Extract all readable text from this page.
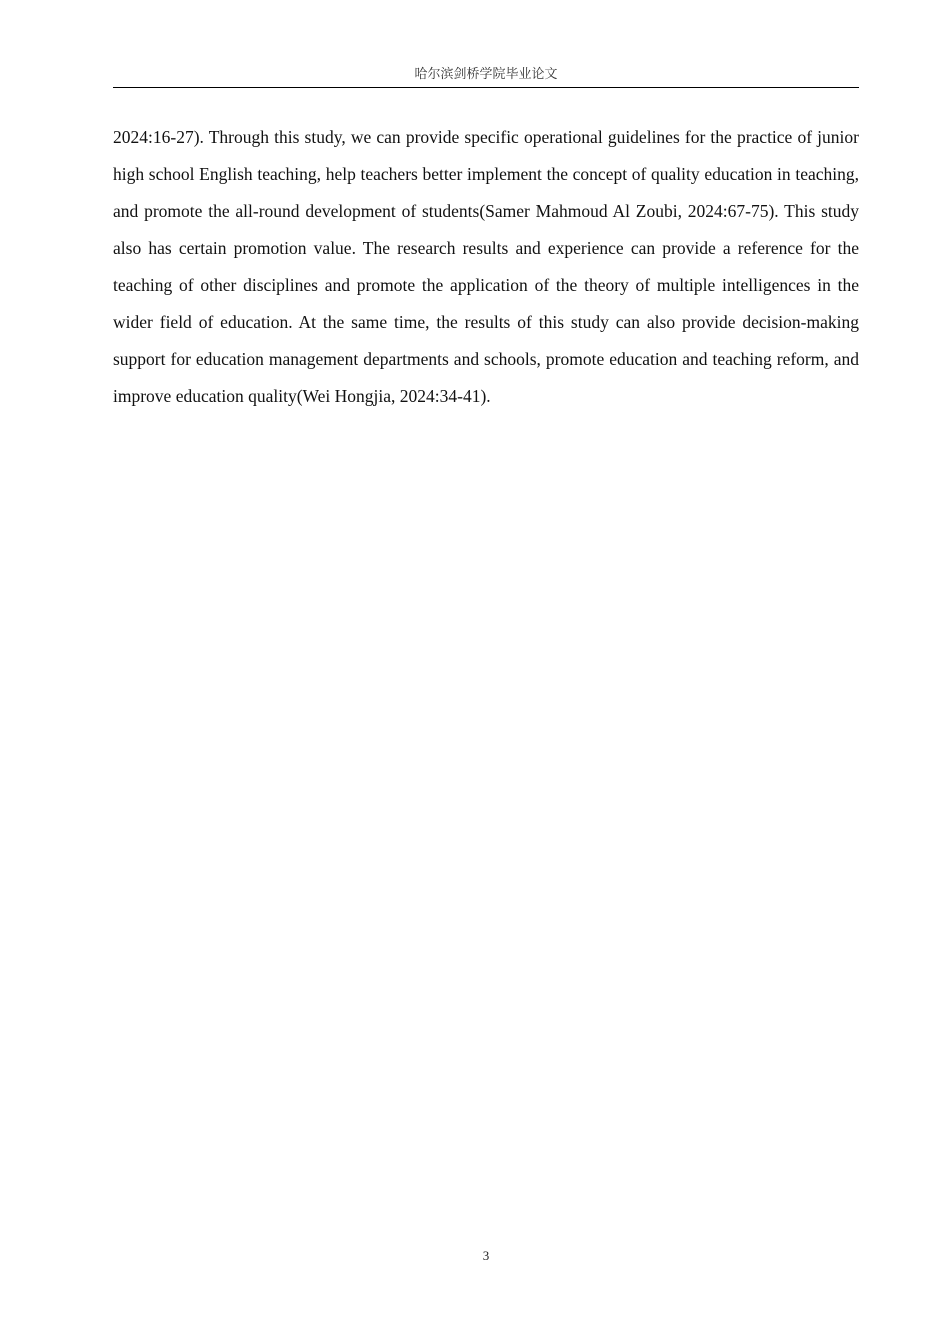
哈尔滨剑桥学院毕业论文

2024:16-27). Through this study, we can provide specific operational guidelines for the practice of junior high school English teaching, help teachers better implement the concept of quality education in teaching, and promote the all-round development of students(Samer Mahmoud Al Zoubi, 2024:67-75). This study also has certain promotion value. The research results and experience can provide a reference for the teaching of other disciplines and promote the application of the theory of multiple intelligences in the wider field of education. At the same time, the results of this study can also provide decision-making support for education management departments and schools, promote education and teaching reform, and improve education quality(Wei Hongjia, 2024:34-41).

3
